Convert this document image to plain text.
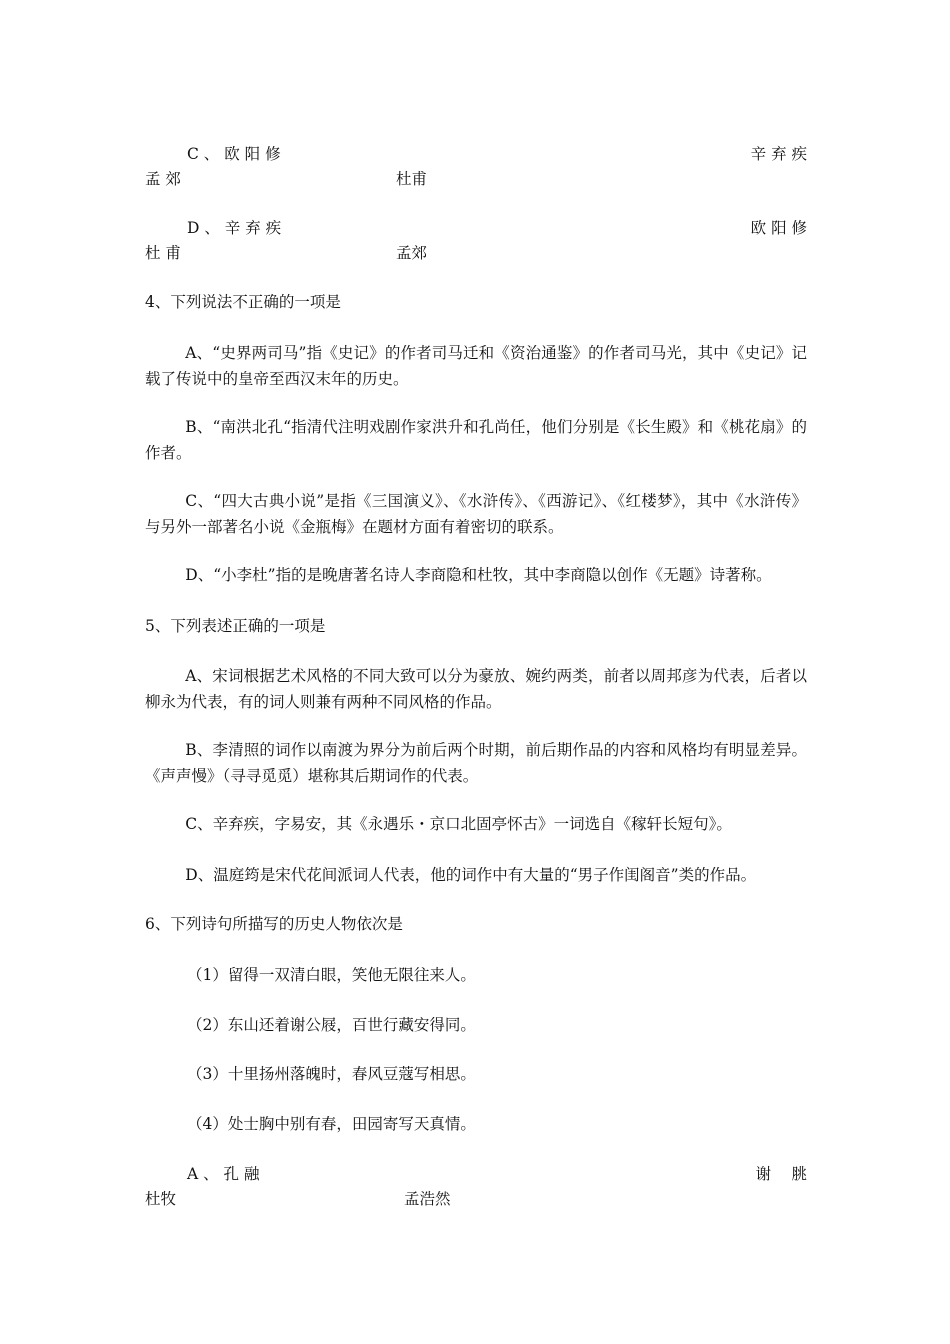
C 、 欧 阳 修	辛 弃 疾
孟 郊	杜甫
D 、 辛 弃 疾	欧 阳 修
杜 甫	孟郊
4、下列说法不正确的一项是
A、“史界两司马”指《史记》的作者司马迁和《资治通鉴》的作者司马光，其中《史记》记载了传说中的皇帝至西汉末年的历史。
B、“南洪北孔“指清代注明戏剧作家洪升和孔尚任，他们分别是《长生殿》和《桃花扇》的作者。
C、“四大古典小说”是指《三国演义》、《水浒传》、《西游记》、《红楼梦》，其中《水浒传》与另外一部著名小说《金瓶梅》在题材方面有着密切的联系。
D、“小李杜”指的是晚唐著名诗人李商隐和杜牧，其中李商隐以创作《无题》诗著称。
5、下列表述正确的一项是
A、宋词根据艺术风格的不同大致可以分为豪放、婉约两类，前者以周邦彦为代表，后者以柳永为代表，有的词人则兼有两种不同风格的作品。
B、李清照的词作以南渡为界分为前后两个时期，前后期作品的内容和风格均有明显差异。《声声慢》（寻寻觅觅）堪称其后期词作的代表。
C、辛弃疾，字易安，其《永遇乐・京口北固亭怀古》一词选自《稼轩长短句》。
D、温庭筠是宋代花间派词人代表，他的词作中有大量的“男子作闺阁音”类的作品。
6、下列诗句所描写的历史人物依次是
（1）留得一双清白眼，笑他无限往来人。
（2）东山还着谢公屐，百世行藏安得同。
（3）十里扬州落魄时，春风豆蔻写相思。
（4）处士胸中别有春，田园寄写天真情。
A 、 孔 融	谢　 脁
杜牧	孟浩然
